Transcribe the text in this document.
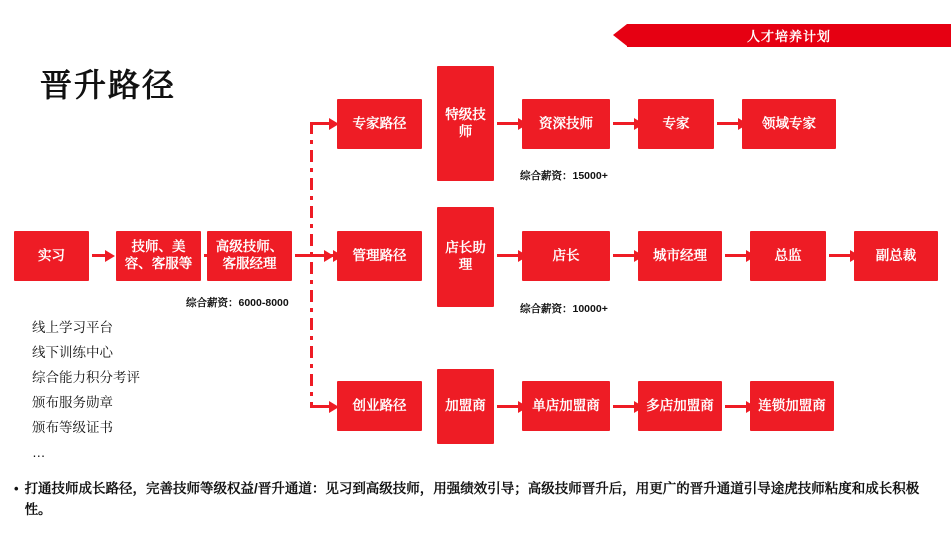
人才培养计划
晋升路径
实习
技师、美容、客服等
高级技师、客服经理
综合薪资：6000-8000
专家路径
特级技师
资深技师	专家	领域专家
综合薪资：15000+
管理路径	店长助理
店长	城市经理	总监	副总裁
综合薪资：10000+
创业路径	加盟商	单店加盟商	多店加盟商	连锁加盟商
线上学习平台
线下训练中心
综合能力积分考评
颁布服务勋章
颁布等级证书
…
• 打通技师成长路径，完善技师等级权益/晋升通道：见习到高级技师，用强绩效引导；高级技师晋升后，用更广的晋升通道引导途虎技师粘度和成长积极性。
